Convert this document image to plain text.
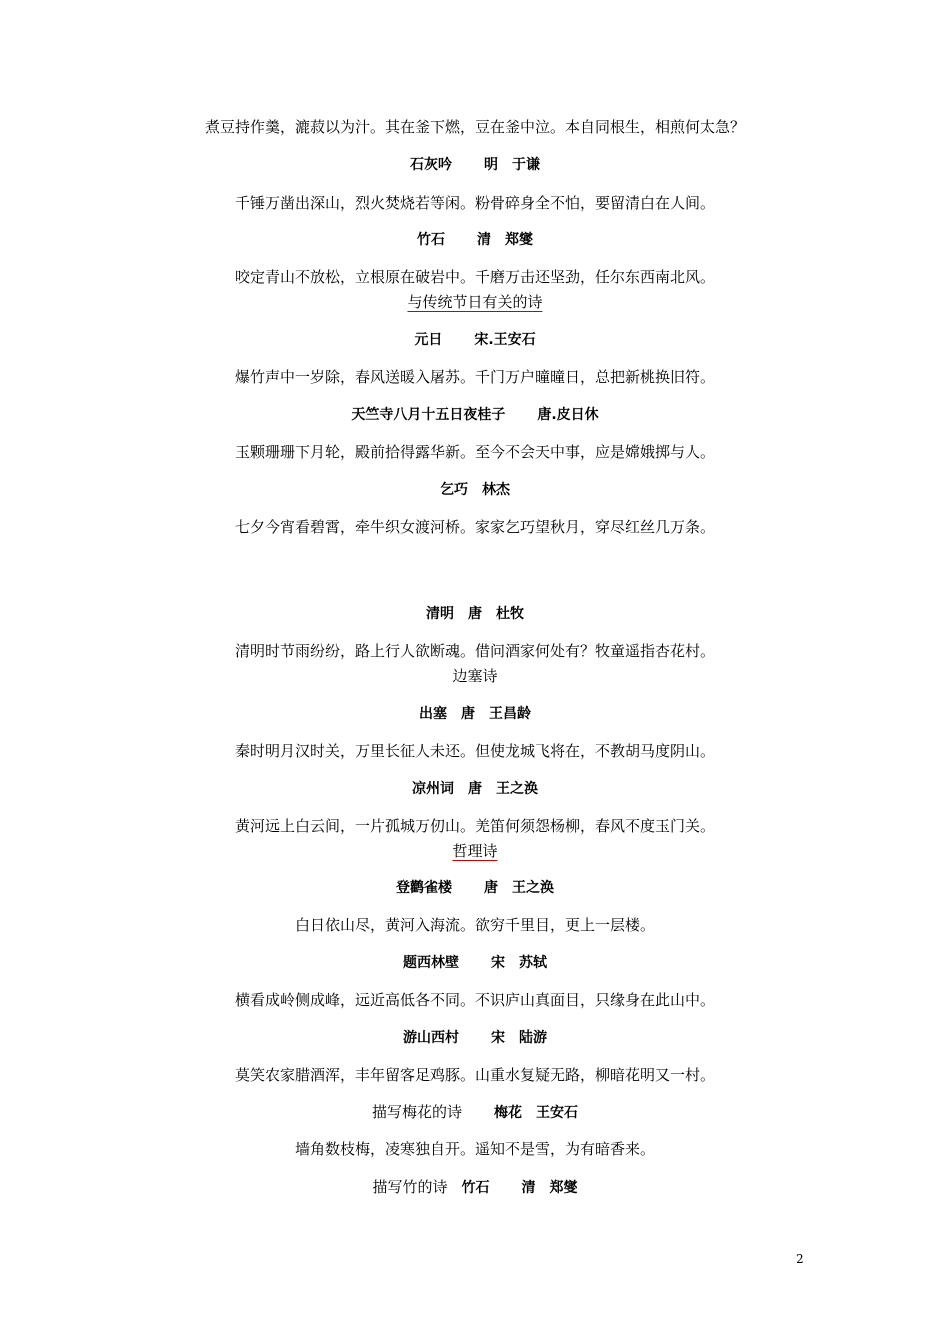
煮豆持作羹，漉菽以为汁。其在釜下燃，豆在釜中泣。本自同根生，相煎何太急？
石灰吟 明 于谦
千锤万凿出深山，烈火焚烧若等闲。粉骨碎身全不怕，要留清白在人间。
竹石 清 郑燮
咬定青山不放松，立根原在破岩中。千磨万击还坚劲，任尔东西南北风。
与传统节日有关的诗
元日 宋.王安石
爆竹声中一岁除，春风送暖入屠苏。千门万户曈曈日，总把新桃换旧符。
天竺寺八月十五日夜桂子 唐.皮日休
玉颗珊珊下月轮，殿前拾得露华新。至今不会天中事，应是嫦娥掷与人。
乞巧 林杰
七夕今宵看碧霄，牵牛织女渡河桥。家家乞巧望秋月，穿尽红丝几万条。
清明 唐 杜牧
清明时节雨纷纷，路上行人欲断魂。借问酒家何处有？牧童遥指杏花村。
边塞诗
出塞 唐 王昌龄
秦时明月汉时关，万里长征人未还。但使龙城飞将在，不教胡马度阴山。
凉州词 唐 王之涣
黄河远上白云间，一片孤城万仞山。羌笛何须怨杨柳，春风不度玉门关。
哲理诗
登鹳雀楼 唐 王之涣
白日依山尽，黄河入海流。欲穷千里目，更上一层楼。
题西林壁 宋 苏轼
横看成岭侧成峰，远近高低各不同。不识庐山真面目，只缘身在此山中。
游山西村 宋 陆游
莫笑农家腊酒浑，丰年留客足鸡豚。山重水复疑无路，柳暗花明又一村。
描写梅花的诗 梅花 王安石
墙角数枝梅，凌寒独自开。遥知不是雪，为有暗香来。
描写竹的诗 竹石 清 郑燮
2
